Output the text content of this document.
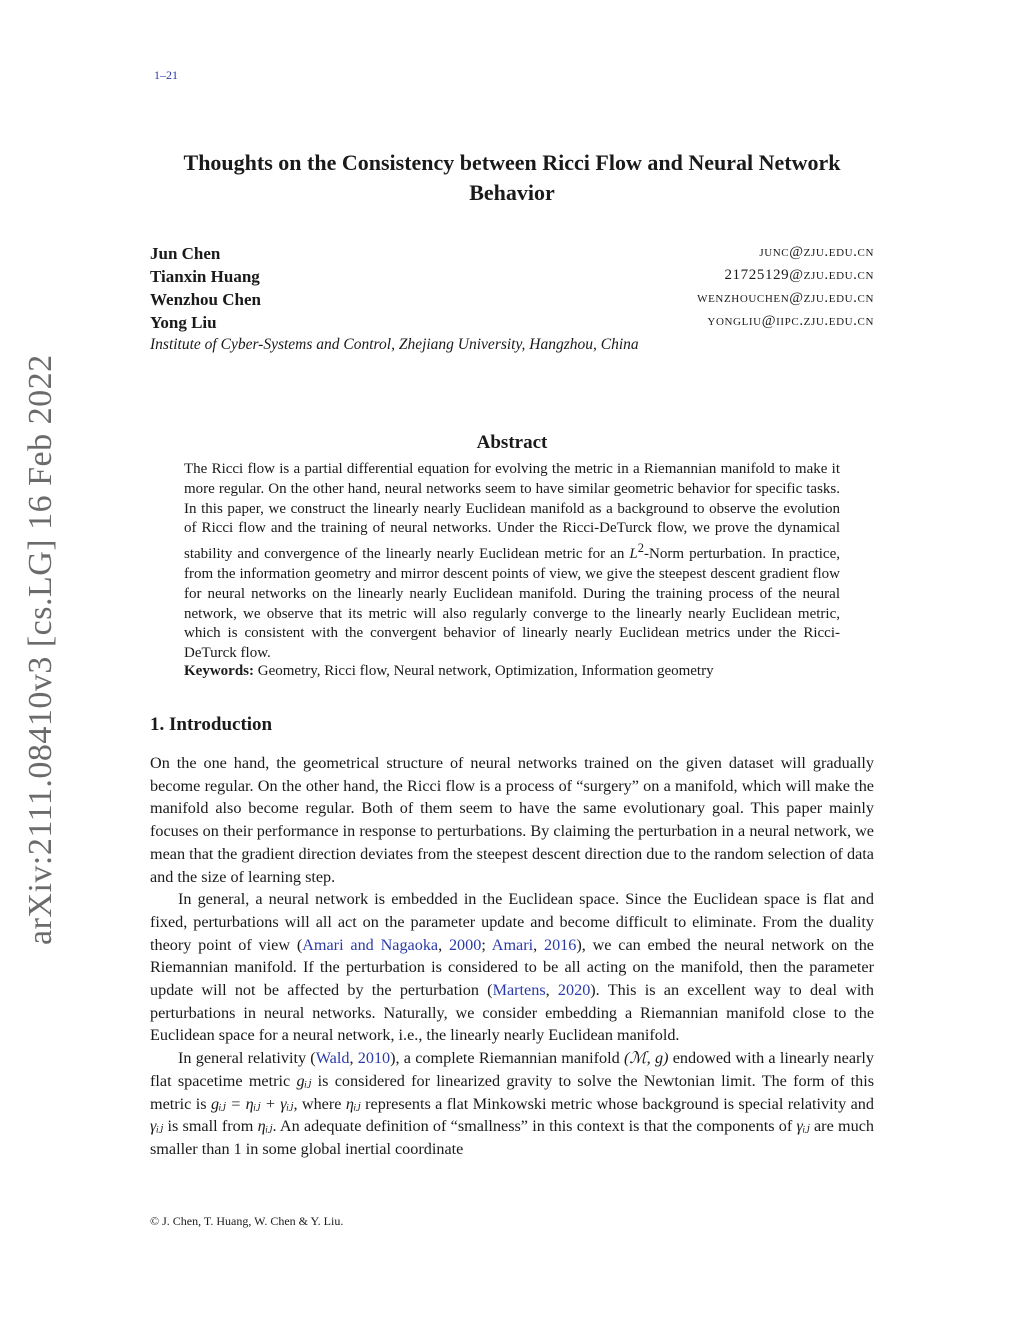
1–21
arXiv:2111.08410v3 [cs.LG] 16 Feb 2022
Thoughts on the Consistency between Ricci Flow and Neural Network Behavior
Jun Chen	junc@zju.edu.cn
Tianxin Huang	21725129@zju.edu.cn
Wenzhou Chen	wenzhouchen@zju.edu.cn
Yong Liu	yongliu@iipc.zju.edu.cn
Institute of Cyber-Systems and Control, Zhejiang University, Hangzhou, China
Abstract
The Ricci flow is a partial differential equation for evolving the metric in a Riemannian manifold to make it more regular. On the other hand, neural networks seem to have similar geometric behavior for specific tasks. In this paper, we construct the linearly nearly Euclidean manifold as a background to observe the evolution of Ricci flow and the training of neural networks. Under the Ricci-DeTurck flow, we prove the dynamical stability and convergence of the linearly nearly Euclidean metric for an $L^2$-Norm perturbation. In practice, from the information geometry and mirror descent points of view, we give the steepest descent gradient flow for neural networks on the linearly nearly Euclidean manifold. During the training process of the neural network, we observe that its metric will also regularly converge to the linearly nearly Euclidean metric, which is consistent with the convergent behavior of linearly nearly Euclidean metrics under the Ricci-DeTurck flow.
Keywords: Geometry, Ricci flow, Neural network, Optimization, Information geometry
1. Introduction

On the one hand, the geometrical structure of neural networks trained on the given dataset will gradually become regular. On the other hand, the Ricci flow is a process of “surgery” on a manifold, which will make the manifold also become regular. Both of them seem to have the same evolutionary goal. This paper mainly focuses on their performance in response to perturbations. By claiming the perturbation in a neural network, we mean that the gradient direction deviates from the steepest descent direction due to the random selection of data and the size of learning step.

In general, a neural network is embedded in the Euclidean space. Since the Euclidean space is flat and fixed, perturbations will all act on the parameter update and become difficult to eliminate. From the duality theory point of view (Amari and Nagaoka, 2000; Amari, 2016), we can embed the neural network on the Riemannian manifold. If the perturbation is considered to be all acting on the manifold, then the parameter update will not be affected by the perturbation (Martens, 2020). This is an excellent way to deal with perturbations in neural networks. Naturally, we consider embedding a Riemannian manifold close to the Euclidean space for a neural network, i.e., the linearly nearly Euclidean manifold.

In general relativity (Wald, 2010), a complete Riemannian manifold (ℳ, g) endowed with a linearly nearly flat spacetime metric gᵢⱼ is considered for linearized gravity to solve the Newtonian limit. The form of this metric is gᵢⱼ = ηᵢⱼ + γᵢⱼ, where ηᵢⱼ represents a flat Minkowski metric whose background is special relativity and γᵢⱼ is small from ηᵢⱼ. An adequate definition of “smallness” in this context is that the components of γᵢⱼ are much smaller than 1 in some global inertial coordinate

© J. Chen, T. Huang, W. Chen & Y. Liu.
